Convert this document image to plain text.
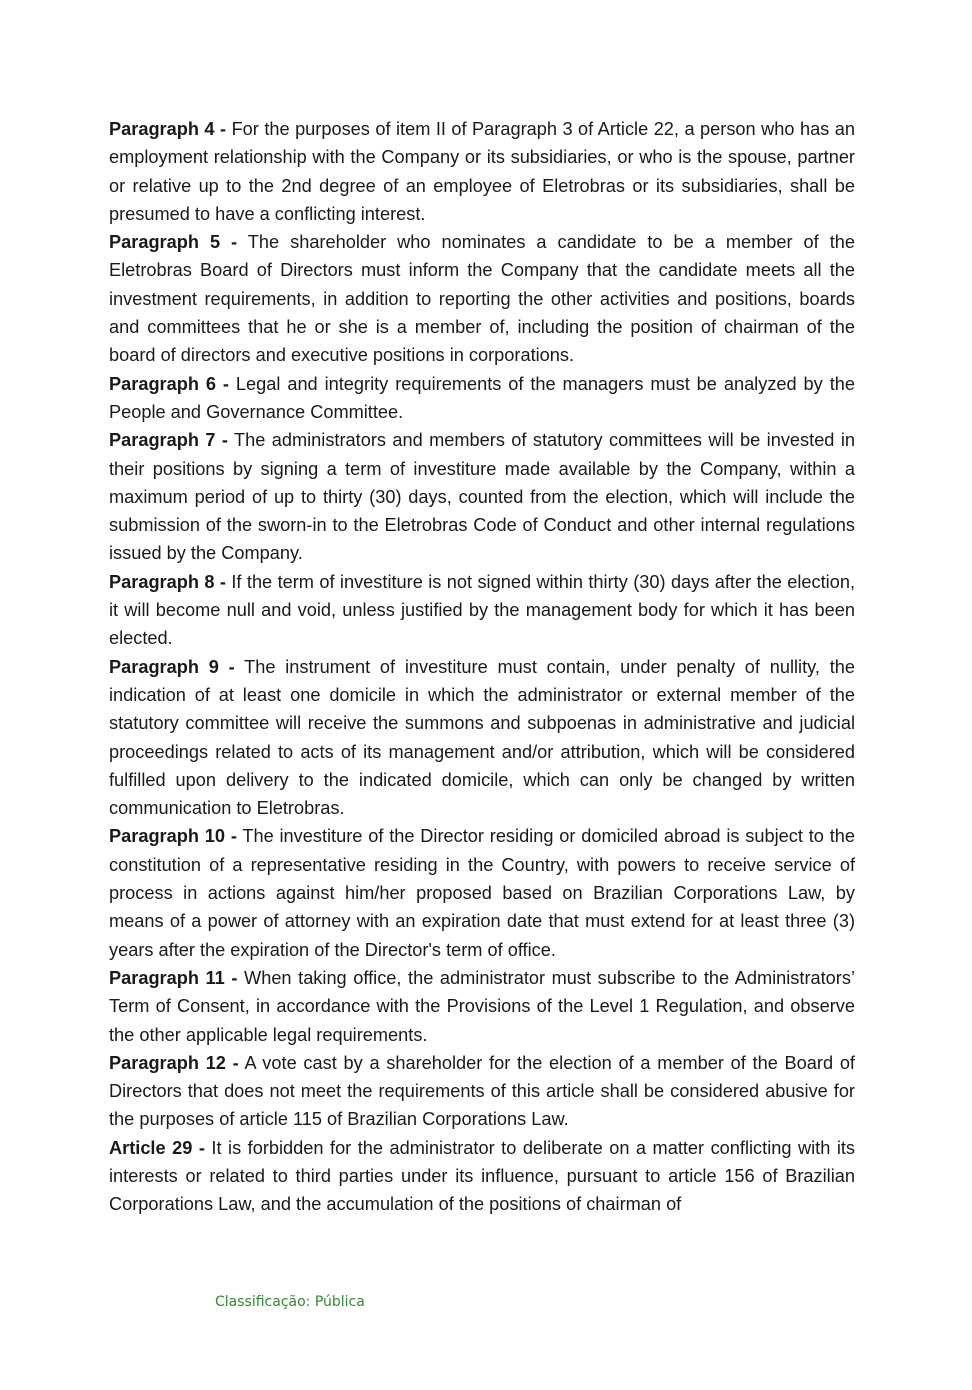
Paragraph 4 - For the purposes of item II of Paragraph 3 of Article 22, a person who has an employment relationship with the Company or its subsidiaries, or who is the spouse, partner or relative up to the 2nd degree of an employee of Eletrobras or its subsidiaries, shall be presumed to have a conflicting interest.

Paragraph 5 - The shareholder who nominates a candidate to be a member of the Eletrobras Board of Directors must inform the Company that the candidate meets all the investment requirements, in addition to reporting the other activities and positions, boards and committees that he or she is a member of, including the position of chairman of the board of directors and executive positions in corporations.

Paragraph 6 - Legal and integrity requirements of the managers must be analyzed by the People and Governance Committee.

Paragraph 7 - The administrators and members of statutory committees will be invested in their positions by signing a term of investiture made available by the Company, within a maximum period of up to thirty (30) days, counted from the election, which will include the submission of the sworn-in to the Eletrobras Code of Conduct and other internal regulations issued by the Company.

Paragraph 8 - If the term of investiture is not signed within thirty (30) days after the election, it will become null and void, unless justified by the management body for which it has been elected.

Paragraph 9 - The instrument of investiture must contain, under penalty of nullity, the indication of at least one domicile in which the administrator or external member of the statutory committee will receive the summons and subpoenas in administrative and judicial proceedings related to acts of its management and/or attribution, which will be considered fulfilled upon delivery to the indicated domicile, which can only be changed by written communication to Eletrobras.

Paragraph 10 - The investiture of the Director residing or domiciled abroad is subject to the constitution of a representative residing in the Country, with powers to receive service of process in actions against him/her proposed based on Brazilian Corporations Law, by means of a power of attorney with an expiration date that must extend for at least three (3) years after the expiration of the Director's term of office.

Paragraph 11 - When taking office, the administrator must subscribe to the Administrators’ Term of Consent, in accordance with the Provisions of the Level 1 Regulation, and observe the other applicable legal requirements.

Paragraph 12 - A vote cast by a shareholder for the election of a member of the Board of Directors that does not meet the requirements of this article shall be considered abusive for the purposes of article 115 of Brazilian Corporations Law.

Article 29 - It is forbidden for the administrator to deliberate on a matter conflicting with its interests or related to third parties under its influence, pursuant to article 156 of Brazilian Corporations Law, and the accumulation of the positions of chairman of

Classificação: Pública
